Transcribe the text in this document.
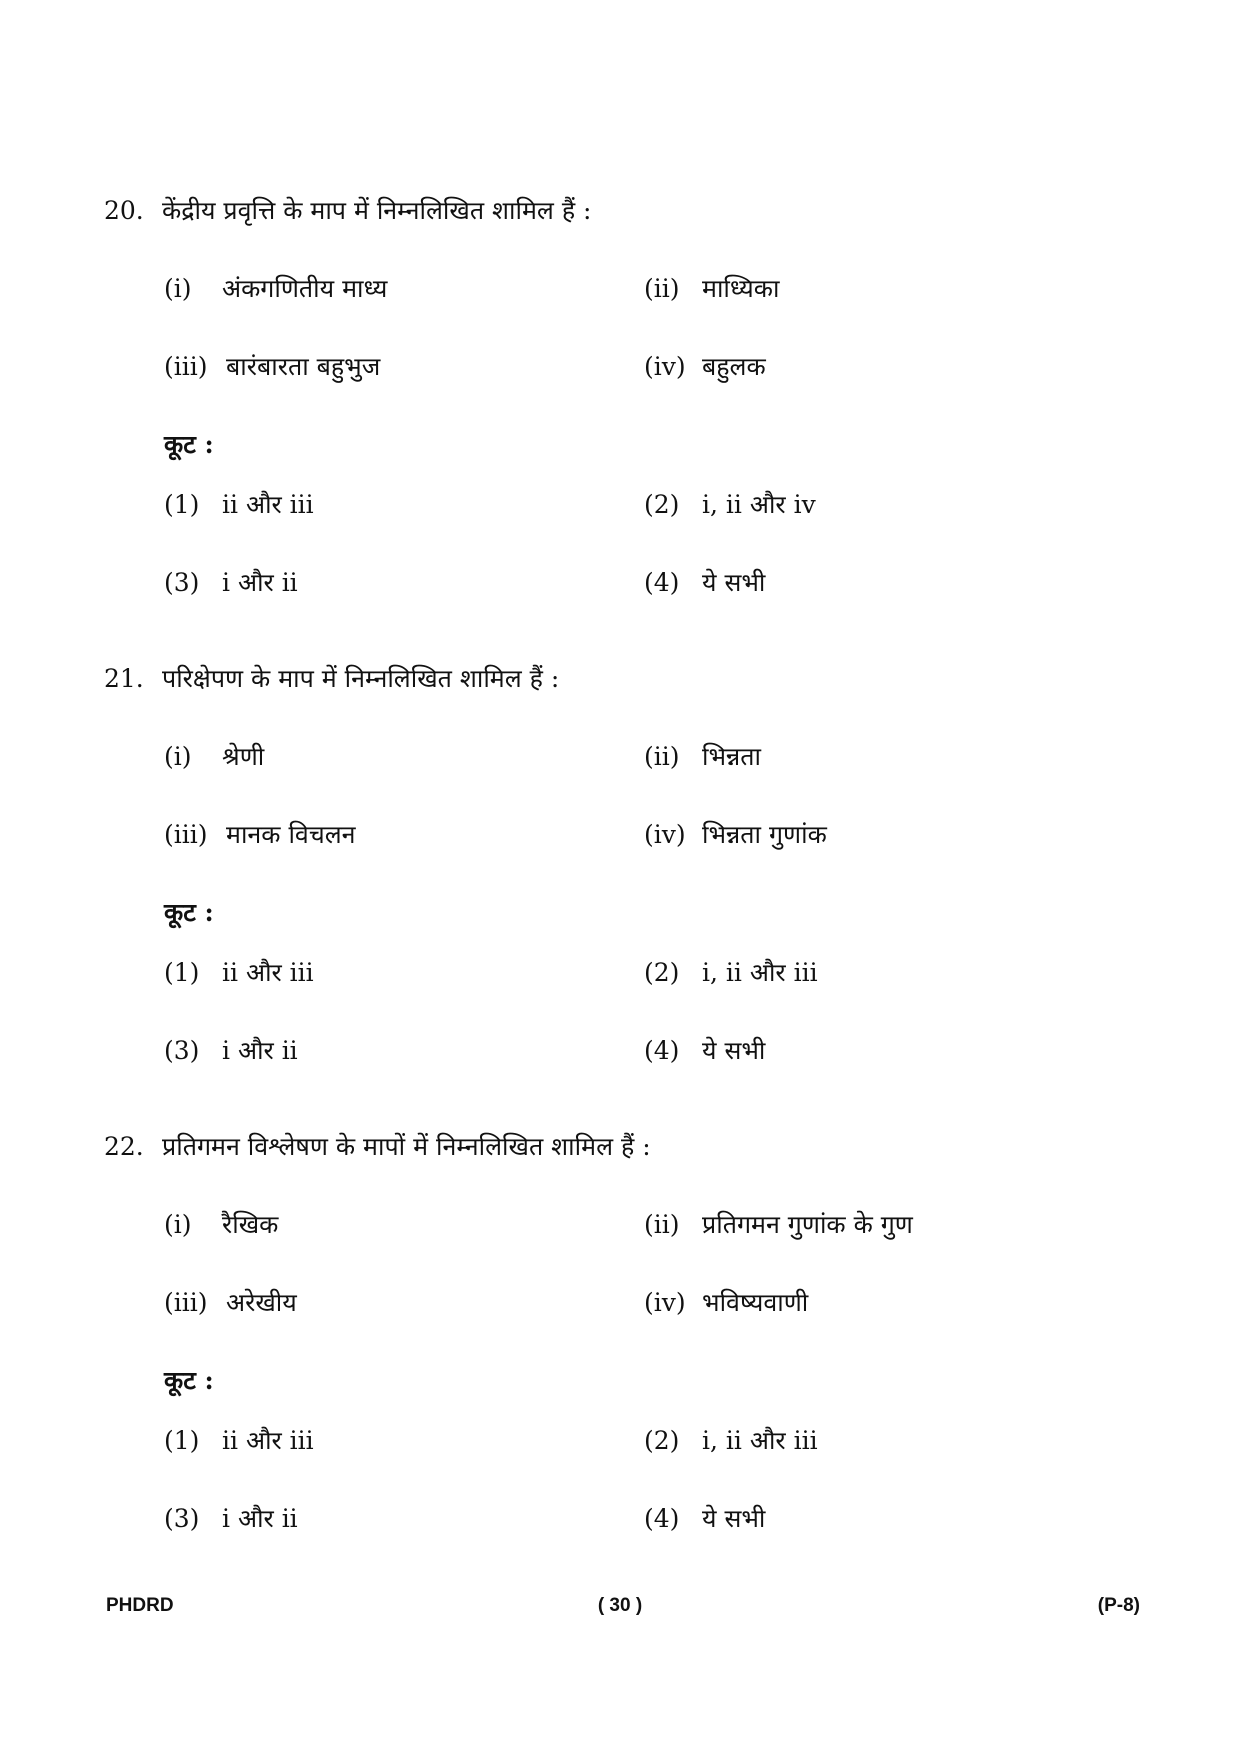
20. केंद्रीय प्रवृत्ति के माप में निम्नलिखित शामिल हैं :
(i)	अंकगणितीय माध्य	(ii) माध्यिका
(iii) बारंबारता बहुभुज	(iv) बहुलक
कूट :
(1) ii और iii	(2) i, ii और iv
(3) i और ii	(4) ये सभी
21. परिक्षेपण के माप में निम्नलिखित शामिल हैं :
(i)	श्रेणी	(ii) भिन्नता
(iii) मानक विचलन	(iv) भिन्नता गुणांक
कूट :
(1) ii और iii	(2) i, ii और iii
(3) i और ii	(4) ये सभी
22. प्रतिगमन विश्लेषण के मापों में निम्नलिखित शामिल हैं :
(i)	रैखिक	(ii) प्रतिगमन गुणांक के गुण
(iii) अरेखीय	(iv) भविष्यवाणी
कूट :
(1) ii और iii	(2) i, ii और iii
(3) i और ii	(4) ये सभी
PHDRD	( 30 )	(P-8)
